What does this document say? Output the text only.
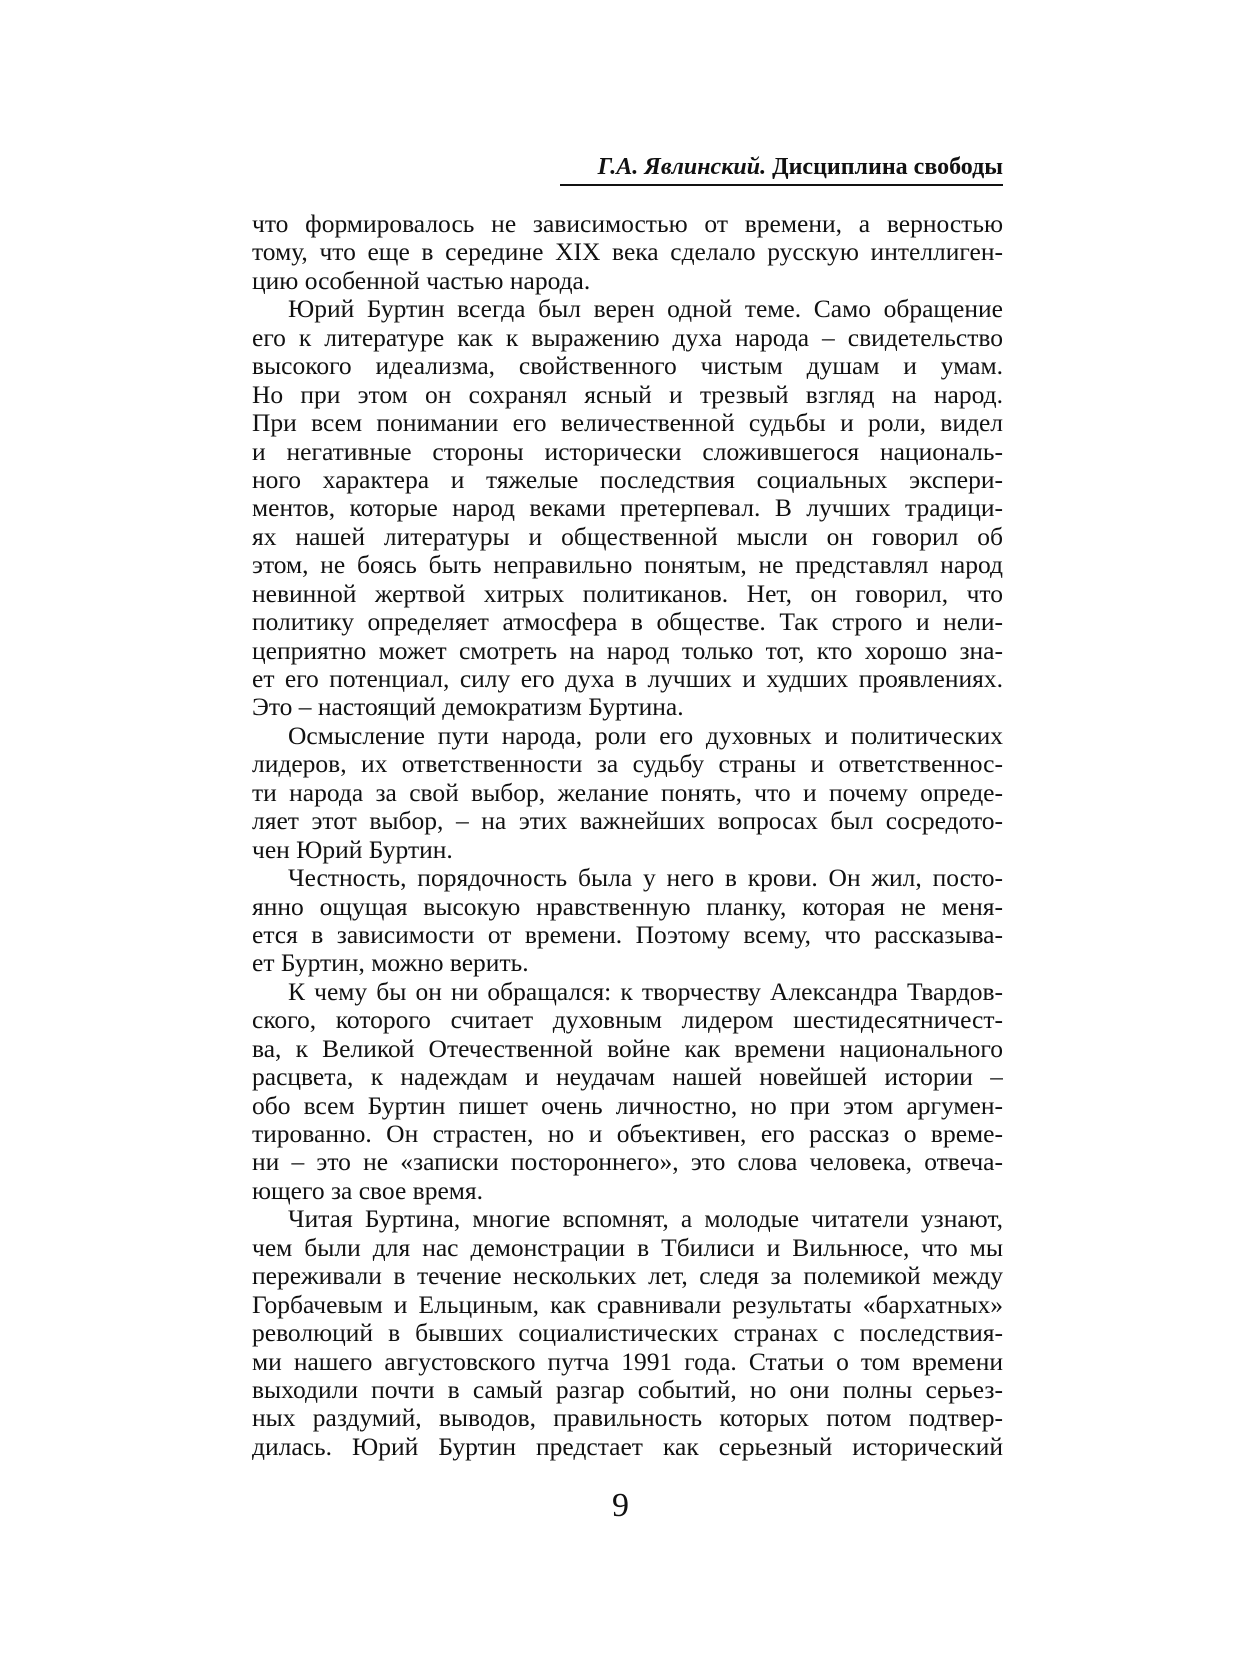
Г.А. Явлинский. Дисциплина свободы
что формировалось не зависимостью от времени, а верностью
тому, что еще в середине XIX века сделало русскую интеллиген-
цию особенной частью народа.
Юрий Буртин всегда был верен одной теме. Само обращение
его к литературе как к выражению духа народа – свидетельство
высокого идеализма, свойственного чистым душам и умам.
Но при этом он сохранял ясный и трезвый взгляд на народ.
При всем понимании его величественной судьбы и роли, видел
и негативные стороны исторически сложившегося националь-
ного характера и тяжелые последствия социальных экспери-
ментов, которые народ веками претерпевал. В лучших традици-
ях нашей литературы и общественной мысли он говорил об
этом, не боясь быть неправильно понятым, не представлял народ
невинной жертвой хитрых политиканов. Нет, он говорил, что
политику определяет атмосфера в обществе. Так строго и нели-
цеприятно может смотреть на народ только тот, кто хорошо зна-
ет его потенциал, силу его духа в лучших и худших проявлениях.
Это – настоящий демократизм Буртина.
Осмысление пути народа, роли его духовных и политических
лидеров, их ответственности за судьбу страны и ответственнос-
ти народа за свой выбор, желание понять, что и почему опреде-
ляет этот выбор, – на этих важнейших вопросах был сосредото-
чен Юрий Буртин.
Честность, порядочность была у него в крови. Он жил, посто-
янно ощущая высокую нравственную планку, которая не меня-
ется в зависимости от времени. Поэтому всему, что рассказыва-
ет Буртин, можно верить.
К чему бы он ни обращался: к творчеству Александра Твардов-
ского, которого считает духовным лидером шестидесятничест-
ва, к Великой Отечественной войне как времени национального
расцвета, к надеждам и неудачам нашей новейшей истории –
обо всем Буртин пишет очень личностно, но при этом аргумен-
тированно. Он страстен, но и объективен, его рассказ о време-
ни – это не «записки постороннего», это слова человека, отвеча-
ющего за свое время.
Читая Буртина, многие вспомнят, а молодые читатели узнают,
чем были для нас демонстрации в Тбилиси и Вильнюсе, что мы
переживали в течение нескольких лет, следя за полемикой между
Горбачевым и Ельциным, как сравнивали результаты «бархатных»
революций в бывших социалистических странах с последствия-
ми нашего августовского путча 1991 года. Статьи о том времени
выходили почти в самый разгар событий, но они полны серьез-
ных раздумий, выводов, правильность которых потом подтвер-
дилась. Юрий Буртин предстает как серьезный исторический
9
